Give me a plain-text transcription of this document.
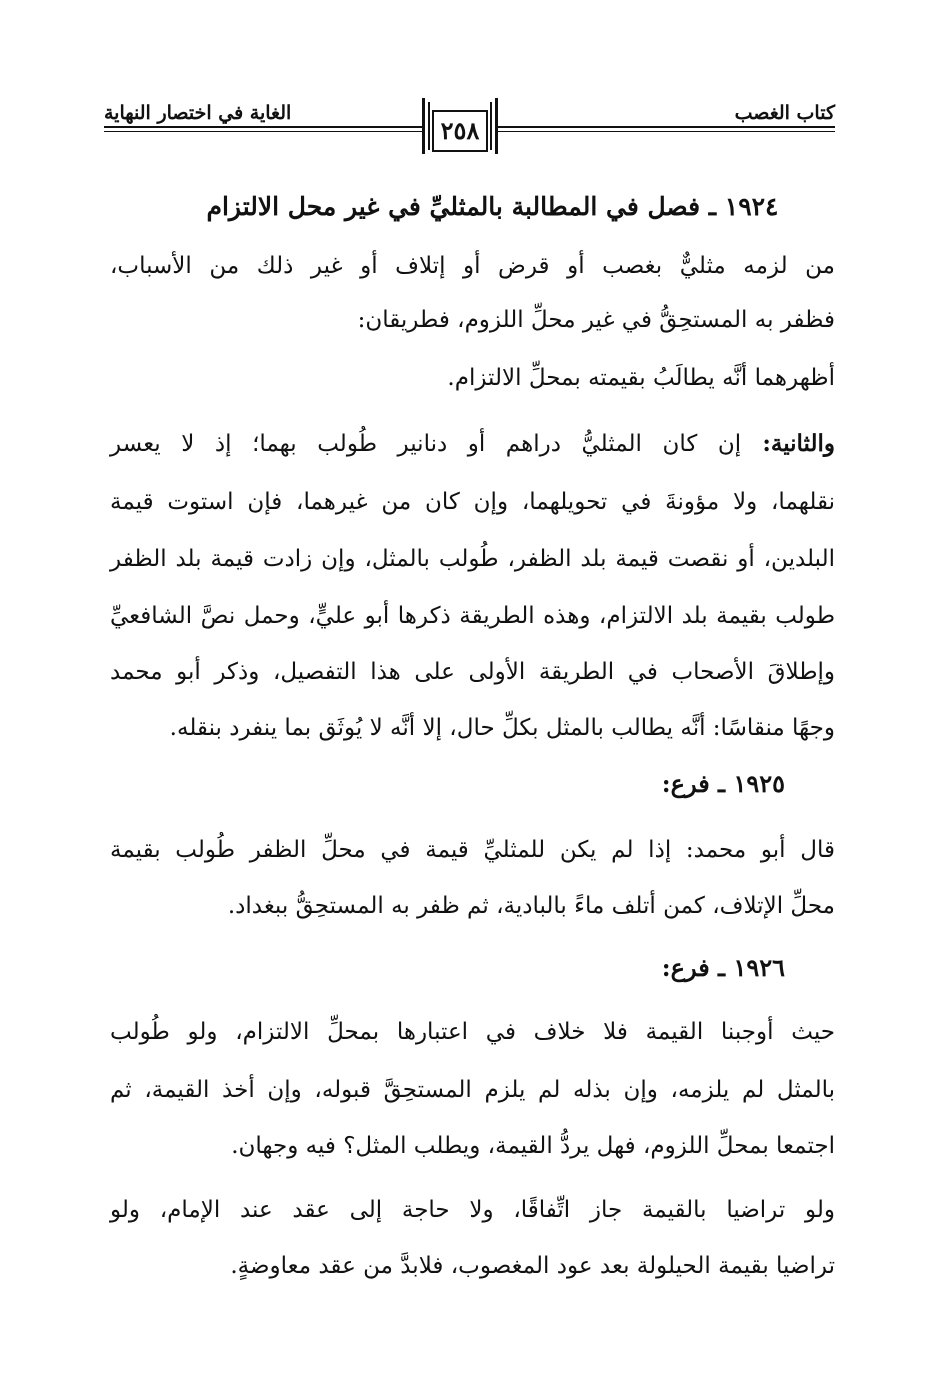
كتاب الغصب
الغاية في اختصار النهاية
٢٥٨
١٩٢٤ ـ فصل في المطالبة بالمثليِّ في غير محل الالتزام
من لزمه مثليٌّ بغصب أو قرض أو إتلاف أو غير ذلك من الأسباب،
فظفر به المستحِقُّ في غير محلِّ اللزوم، فطريقان:
أظهرهما أنَّه يطالَبُ بقيمته بمحلِّ الالتزام.
والثانية: إن كان المثليُّ دراهم أو دنانير طُولب بهما؛ إذ لا يعسر
نقلهما، ولا مؤونةَ في تحويلهما، وإن كان من غيرهما، فإن استوت قيمة
البلدين، أو نقصت قيمة بلد الظفر، طُولب بالمثل، وإن زادت قيمة بلد الظفر
طولب بقيمة بلد الالتزام، وهذه الطريقة ذكرها أبو عليٍّ، وحمل نصَّ الشافعيِّ
وإطلاقَ الأصحاب في الطريقة الأولى على هذا التفصيل، وذكر أبو محمد
وجهًا منقاسًا: أنَّه يطالب بالمثل بكلِّ حال، إلا أنَّه لا يُوثَق بما ينفرد بنقله.
١٩٢٥ ـ فرع:
قال أبو محمد: إذا لم يكن للمثليِّ قيمة في محلِّ الظفر طُولب بقيمة
محلِّ الإتلاف، كمن أتلف ماءً بالبادية، ثم ظفر به المستحِقُّ ببغداد.
١٩٢٦ ـ فرع:
حيث أوجبنا القيمة فلا خلاف في اعتبارها بمحلِّ الالتزام، ولو طُولب
بالمثل لم يلزمه، وإن بذله لم يلزم المستحِقَّ قبوله، وإن أخذ القيمة، ثم
اجتمعا بمحلِّ اللزوم، فهل يردُّ القيمة، ويطلب المثل؟ فيه وجهان.
ولو تراضيا بالقيمة جاز اتِّفاقًا، ولا حاجة إلى عقد عند الإمام، ولو
تراضيا بقيمة الحيلولة بعد عود المغصوب، فلابدَّ من عقد معاوضةٍ.
